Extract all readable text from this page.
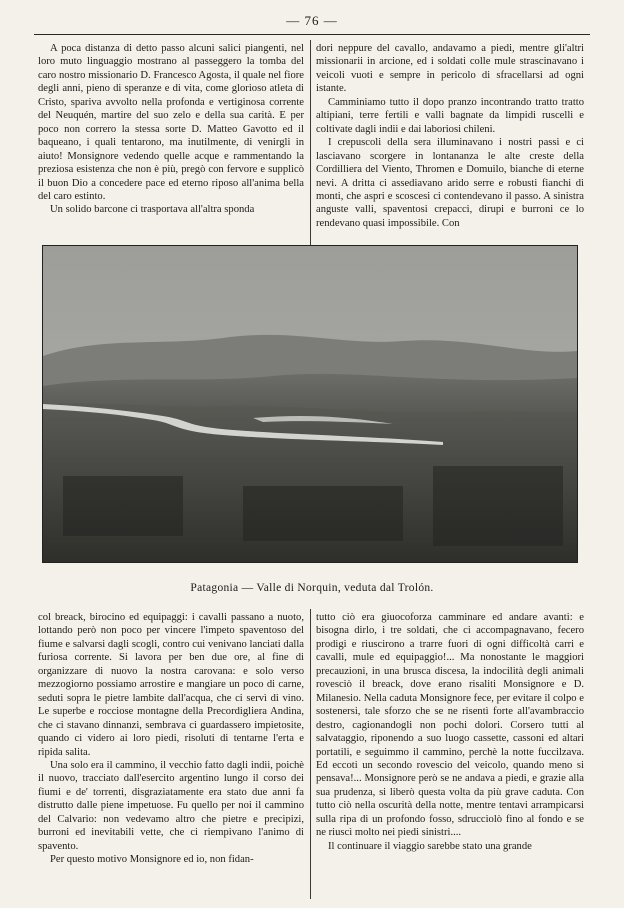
— 76 —

A poca distanza di detto passo alcuni salici piangenti, nel loro muto linguaggio mostrano al passeggero la tomba del caro nostro missionario D. Francesco Agosta, il quale nel fiore degli anni, pieno di speranze e di vita, come glorioso atleta di Cristo, spariva avvolto nella profonda e vertiginosa corrente del Neuquén, martire del suo zelo e della sua carità. E per poco non correro la stessa sorte D. Matteo Gavotto ed il baqueano, i quali tentarono, ma inutilmente, di venirgli in aiuto! Monsignore vedendo quelle acque e rammentando la preziosa esistenza che non è più, pregò con fervore e supplicò il buon Dio a concedere pace ed eterno riposo all'anima bella del caro estinto.

Un solido barcone ci trasportava all'altra sponda

dori neppure del cavallo, andavamo a piedi, mentre gli'altri missionarii in arcione, ed i soldati colle mule strascinavano i veicoli vuoti e sempre in pericolo di sfracellarsi ad ogni istante.

Camminiamo tutto il dopo pranzo incontrando tratto tratto altipiani, terre fertili e valli bagnate da limpidi ruscelli e coltivate dagli indii e dai laboriosi chileni.

I crepuscoli della sera illuminavano i nostri passi e ci lasciavano scorgere in lontananza le alte creste della Cordilliera del Viento, Thromen e Domuilo, bianche di eterne nevi. A dritta ci assediavano arido serre e robusti fianchi di monti, che aspri e scoscesi ci contendevano il passo. A sinistra anguste valli, spaventosi crepacci, dirupi e burroni ce lo rendevano quasi impossibile. Con

Patagonia — Valle di Norquin, veduta dal Trolón.

col breack, birocino ed equipaggi: i cavalli passano a nuoto, lottando però non poco per vincere l'impeto spaventoso del fiume e salvarsi dagli scogli, contro cui venivano lanciati dalla furiosa corrente. Si lavora per ben due ore, al fine di organizzare di nuovo la nostra carovana: e solo verso mezzogiorno possiamo arrostire e mangiare un poco di carne, seduti sopra le pietre lambite dall'acqua, che ci servì di vino. Le superbe e rocciose montagne della Precordigliera Andina, che ci stavano dinnanzi, sembrava ci guardassero impietosite, quando ci videro ai loro piedi, risoluti di tentarne l'erta e ripida salita.

Una solo era il cammino, il vecchio fatto dagli indii, poichè il nuovo, tracciato dall'esercito argentino lungo il corso dei fiumi e de' torrenti, disgraziatamente era stato due anni fa distrutto dalle piene impetuose. Fu quello per noi il cammino del Calvario: non vedevamo altro che pietre e precipizi, burroni ed inevitabili vette, che ci riempivano l'animo di spavento.

Per questo motivo Monsignore ed io, non fidan-

tutto ciò era giuocoforza camminare ed andare avanti: e bisogna dirlo, i tre soldati, che ci accompagnavano, fecero prodigi e riuscirono a trarre fuori di ogni difficoltà carri e cavalli, mule ed equipaggio!... Ma nonostante le maggiori precauzioni, in una brusca discesa, la indocilità degli animali rovesciò il breack, dove erano risaliti Monsignore e D. Milanesio. Nella caduta Monsignore fece, per evitare il colpo e sostenersi, tale sforzo che se ne risentì forte all'avambraccio destro, cagionandogli non pochi dolori. Corsero tutti al salvataggio, riponendo a suo luogo cassette, cassoni ed altari portatili, e seguimmo il cammino, perchè la notte fuccilzava. Ed eccoti un secondo rovescio del veicolo, quando meno si pensava!... Monsignore però se ne andava a piedi, e grazie alla sua prudenza, si liberò questa volta da più grave caduta. Con tutto ciò nella oscurità della notte, mentre tentavi arrampicarsi sulla ripa di un profondo fosso, sdrucciolò fino al fondo e se ne riuscì molto nei piedi sinistri....

Il continuare il viaggio sarebbe stato una grande
